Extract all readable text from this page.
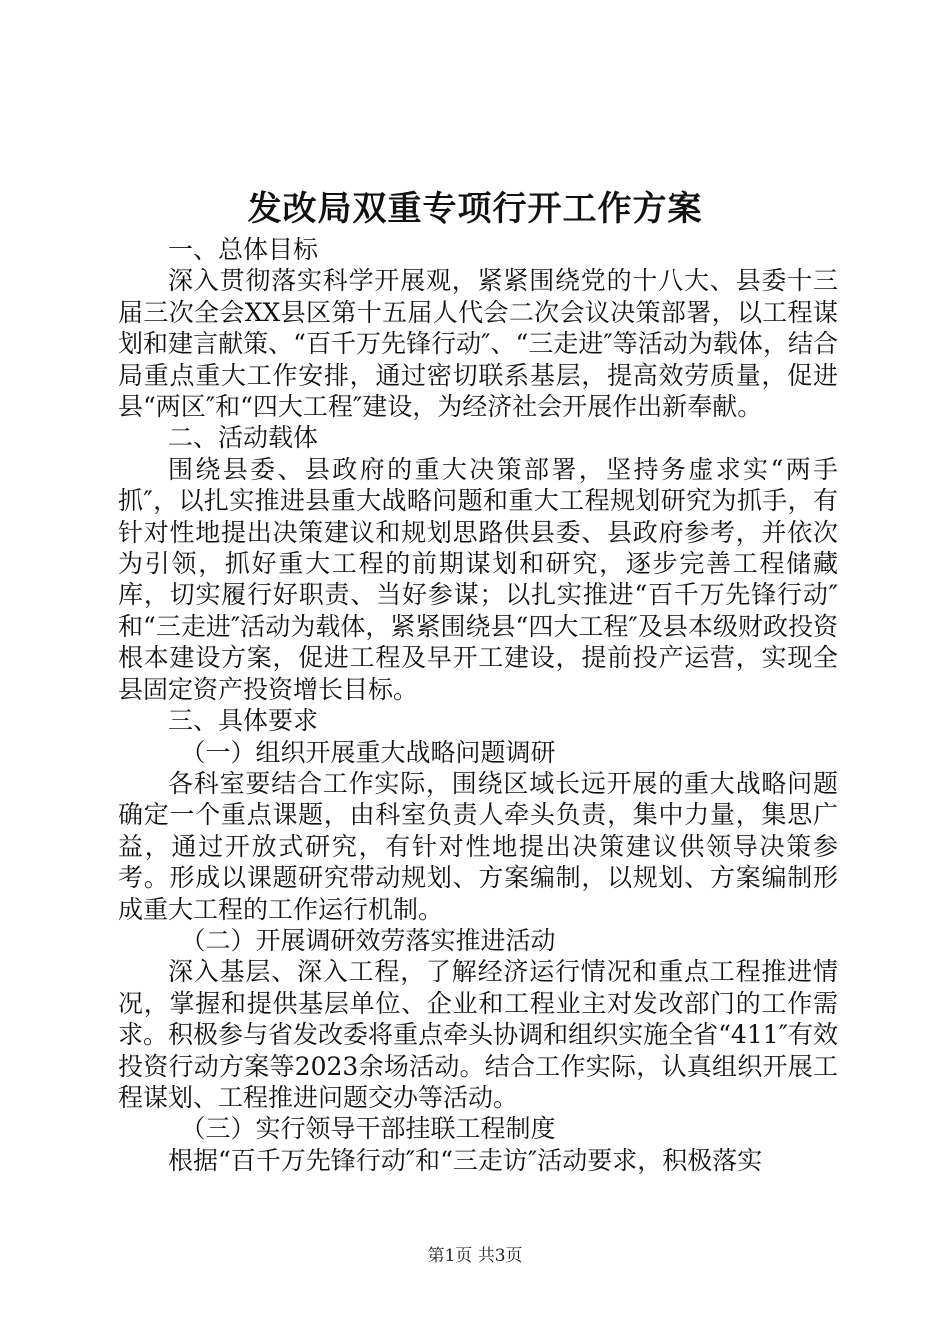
发改局双重专项行开工作方案

一、总体目标

深入贯彻落实科学开展观，紧紧围绕党的十八大、县委十三届三次全会XX县区第十五届人代会二次会议决策部署，以工程谋划和建言献策、“百千万先锋行动″、“三走进″等活动为载体，结合局重点重大工作安排，通过密切联系基层，提高效劳质量，促进县“两区″和“四大工程″建设，为经济社会开展作出新奉献。

二、活动载体

围绕县委、县政府的重大决策部署，坚持务虚求实“两手抓″，以扎实推进县重大战略问题和重大工程规划研究为抓手，有针对性地提出决策建议和规划思路供县委、县政府参考，并依次为引领，抓好重大工程的前期谋划和研究，逐步完善工程储藏库，切实履行好职责、当好参谋；以扎实推进“百千万先锋行动″和“三走进″活动为载体，紧紧围绕县“四大工程″及县本级财政投资根本建设方案，促进工程及早开工建设，提前投产运营，实现全县固定资产投资增长目标。

三、具体要求

（一）组织开展重大战略问题调研

各科室要结合工作实际，围绕区域长远开展的重大战略问题确定一个重点课题，由科室负责人牵头负责，集中力量，集思广益，通过开放式研究，有针对性地提出决策建议供领导决策参考。形成以课题研究带动规划、方案编制，以规划、方案编制形成重大工程的工作运行机制。

（二）开展调研效劳落实推进活动

深入基层、深入工程，了解经济运行情况和重点工程推进情况，掌握和提供基层单位、企业和工程业主对发改部门的工作需求。积极参与省发改委将重点牵头协调和组织实施全省“411″有效投资行动方案等2023余场活动。结合工作实际，认真组织开展工程谋划、工程推进问题交办等活动。

（三）实行领导干部挂联工程制度

根据“百千万先锋行动″和“三走访″活动要求，积极落实

第1页 共3页
